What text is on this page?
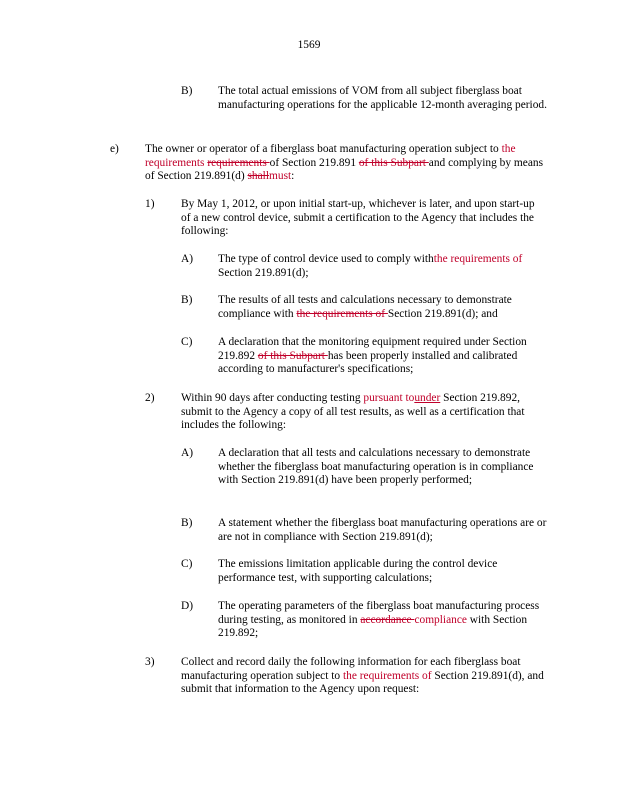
1569
B) The total actual emissions of VOM from all subject fiberglass boat manufacturing operations for the applicable 12-month averaging period.
e) The owner or operator of a fiberglass boat manufacturing operation subject to the requirements requirements of Section 219.891 of this Subpart and complying by means of Section 219.891(d) shallmust:
1) By May 1, 2012, or upon initial start-up, whichever is later, and upon start-up of a new control device, submit a certification to the Agency that includes the following:
A) The type of control device used to comply withthe requirements of Section 219.891(d);
B) The results of all tests and calculations necessary to demonstrate compliance with the requirements of Section 219.891(d); and
C) A declaration that the monitoring equipment required under Section 219.892 of this Subpart has been properly installed and calibrated according to manufacturer's specifications;
2) Within 90 days after conducting testing pursuant tounder Section 219.892, submit to the Agency a copy of all test results, as well as a certification that includes the following:
A) A declaration that all tests and calculations necessary to demonstrate whether the fiberglass boat manufacturing operation is in compliance with Section 219.891(d) have been properly performed;
B) A statement whether the fiberglass boat manufacturing operations are or are not in compliance with Section 219.891(d);
C) The emissions limitation applicable during the control device performance test, with supporting calculations;
D) The operating parameters of the fiberglass boat manufacturing process during testing, as monitored in accordance compliance with Section 219.892;
3) Collect and record daily the following information for each fiberglass boat manufacturing operation subject to the requirements of Section 219.891(d), and submit that information to the Agency upon request:
